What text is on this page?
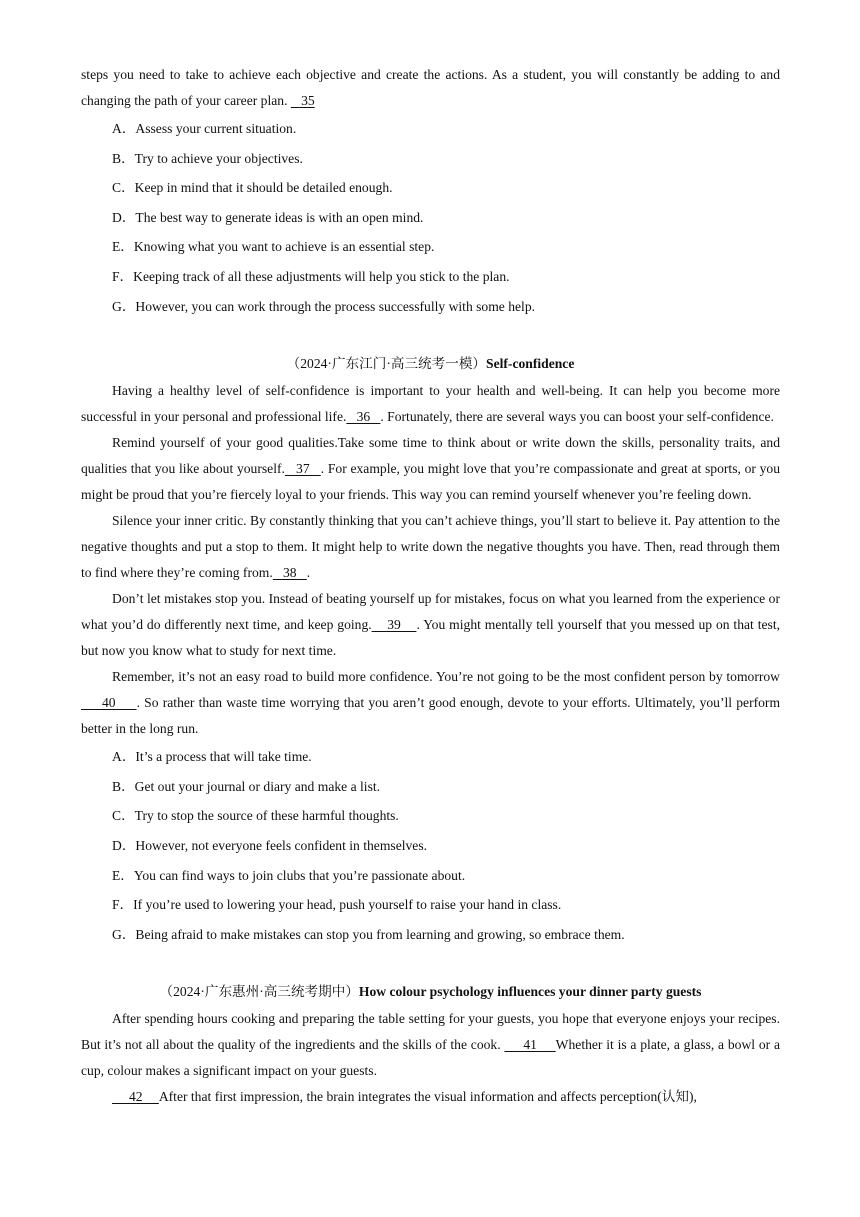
steps you need to take to achieve each objective and create the actions. As a student, you will constantly be adding to and changing the path of your career plan.    35

A．Assess your current situation.

B．Try to achieve your objectives.

C．Keep in mind that it should be detailed enough.

D．The best way to generate ideas is with an open mind.

E．Knowing what you want to achieve is an essential step.

F．Keeping track of all these adjustments will help you stick to the plan.

G．However, you can work through the process successfully with some help.

（2024·广东江门·高三统考一模）Self-confidence

Having a healthy level of self-confidence is important to your health and well-being. It can help you become more successful in your personal and professional life.   36   . Fortunately, there are several ways you can boost your self-confidence.

Remind yourself of your good qualities.Take some time to think about or write down the skills, personality traits, and qualities that you like about yourself.   37   . For example, you might love that you’re compassionate and great at sports, or you might be proud that you’re fiercely loyal to your friends. This way you can remind yourself whenever you’re feeling down.

Silence your inner critic. By constantly thinking that you can’t achieve things, you’ll start to believe it. Pay attention to the negative thoughts and put a stop to them. It might help to write down the negative thoughts you have. Then, read through them to find where they’re coming from.   38   .

Don’t let mistakes stop you. Instead of beating yourself up for mistakes, focus on what you learned from the experience or what you’d do differently next time, and keep going.    39    . You might mentally tell yourself that you messed up on that test, but now you know what to study for next time.

Remember, it’s not an easy road to build more confidence. You’re not going to be the most confident person by tomorrow     40     . So rather than waste time worrying that you aren’t good enough, devote to your efforts. Ultimately, you’ll perform better in the long run.

A．It’s a process that will take time.

B．Get out your journal or diary and make a list.

C．Try to stop the source of these harmful thoughts.

D．However, not everyone feels confident in themselves.

E．You can find ways to join clubs that you’re passionate about.

F．If you’re used to lowering your head, push yourself to raise your hand in class.

G．Being afraid to make mistakes can stop you from learning and growing, so embrace them.

（2024·广东惠州·高三统考期中）How colour psychology influences your dinner party guests

After spending hours cooking and preparing the table setting for your guests, you hope that everyone enjoys your recipes. But it’s not all about the quality of the ingredients and the skills of the cook.      41     Whether it is a plate, a glass, a bowl or a cup, colour makes a significant impact on your guests.

42     After that first impression, the brain integrates the visual information and affects perception(认知),
